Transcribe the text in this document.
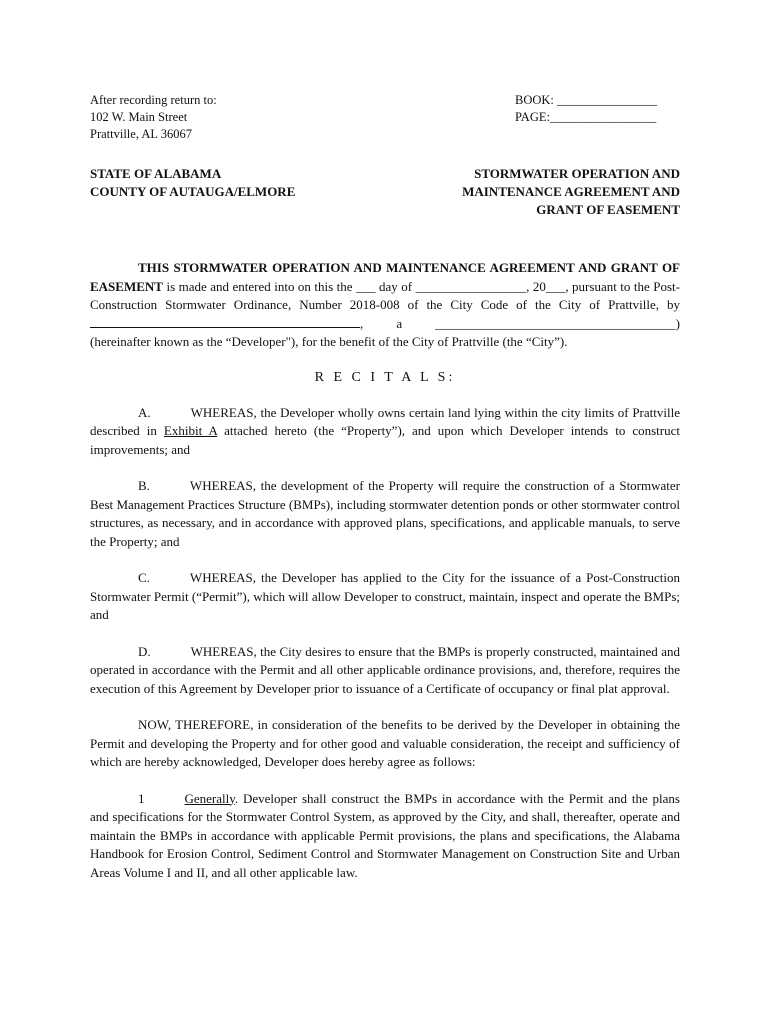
After recording return to:
102 W. Main Street
Prattville, AL 36067
BOOK: ________________
PAGE:_________________
STATE OF ALABAMA
COUNTY OF AUTAUGA/ELMORE
STORMWATER OPERATION AND
MAINTENANCE AGREEMENT AND
GRANT OF EASEMENT

THIS STORMWATER OPERATION AND MAINTENANCE AGREEMENT AND GRANT OF EASEMENT is made and entered into on this the ___ day of _________________, 20___, pursuant to the Post-Construction Stormwater Ordinance, Number 2018-008 of the City Code of the City of Prattville, by , a _____________________________________) (hereinafter known as the “Developer"), for the benefit of the City of Prattville (the “City”).

R E C I T A L S:

A.	WHEREAS, the Developer wholly owns certain land lying within the city limits of Prattville described in Exhibit A attached hereto (the “Property”), and upon which Developer intends to construct improvements; and

B.	WHEREAS, the development of the Property will require the construction of a Stormwater Best Management Practices Structure (BMPs), including stormwater detention ponds or other stormwater control structures, as necessary, and in accordance with approved plans, specifications, and applicable manuals, to serve the Property; and

C.	WHEREAS, the Developer has applied to the City for the issuance of a Post-Construction Stormwater Permit (“Permit”), which will allow Developer to construct, maintain, inspect and operate the BMPs; and

D.	WHEREAS, the City desires to ensure that the BMPs is properly constructed, maintained and operated in accordance with the Permit and all other applicable ordinance provisions, and, therefore, requires the execution of this Agreement by Developer prior to issuance of a Certificate of occupancy or final plat approval.

NOW, THEREFORE, in consideration of the benefits to be derived by the Developer in obtaining the Permit and developing the Property and for other good and valuable consideration, the receipt and sufficiency of which are hereby acknowledged, Developer does hereby agree as follows:

1	Generally. Developer shall construct the BMPs in accordance with the Permit and the plans and specifications for the Stormwater Control System, as approved by the City, and shall, thereafter, operate and maintain the BMPs in accordance with applicable Permit provisions, the plans and specifications, the Alabama Handbook for Erosion Control, Sediment Control and Stormwater Management on Construction Site and Urban Areas Volume I and II, and all other applicable law.
